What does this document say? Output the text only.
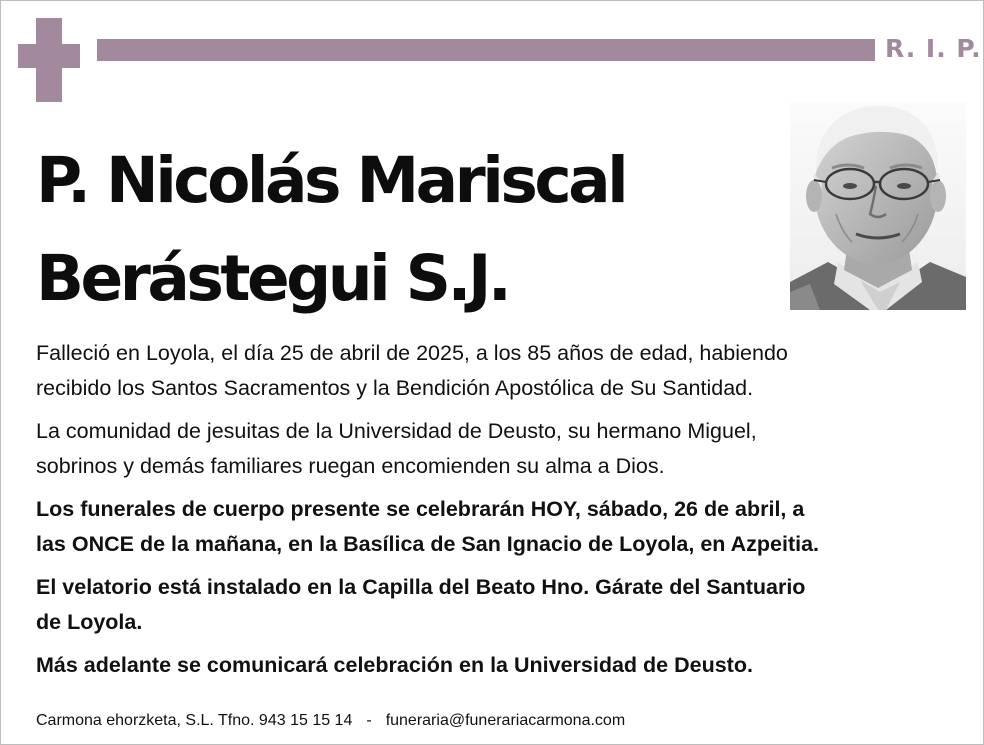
R. I. P.
P. Nicolás Mariscal
Berástegui S.J.

Falleció en Loyola, el día 25 de abril de 2025, a los 85 años de edad, habiendo
recibido los Santos Sacramentos y la Bendición Apostólica de Su Santidad.

La comunidad de jesuitas de la Universidad de Deusto, su hermano Miguel,
sobrinos y demás familiares ruegan encomienden su alma a Dios.

Los funerales de cuerpo presente se celebrarán HOY, sábado, 26 de abril, a
las ONCE de la mañana, en la Basílica de San Ignacio de Loyola, en Azpeitia.

El velatorio está instalado en la Capilla del Beato Hno. Gárate del Santuario
de Loyola.

Más adelante se comunicará celebración en la Universidad de Deusto.

Carmona ehorzketa, S.L. Tfno. 943 15 15 14 - funeraria@funerariacarmona.com
